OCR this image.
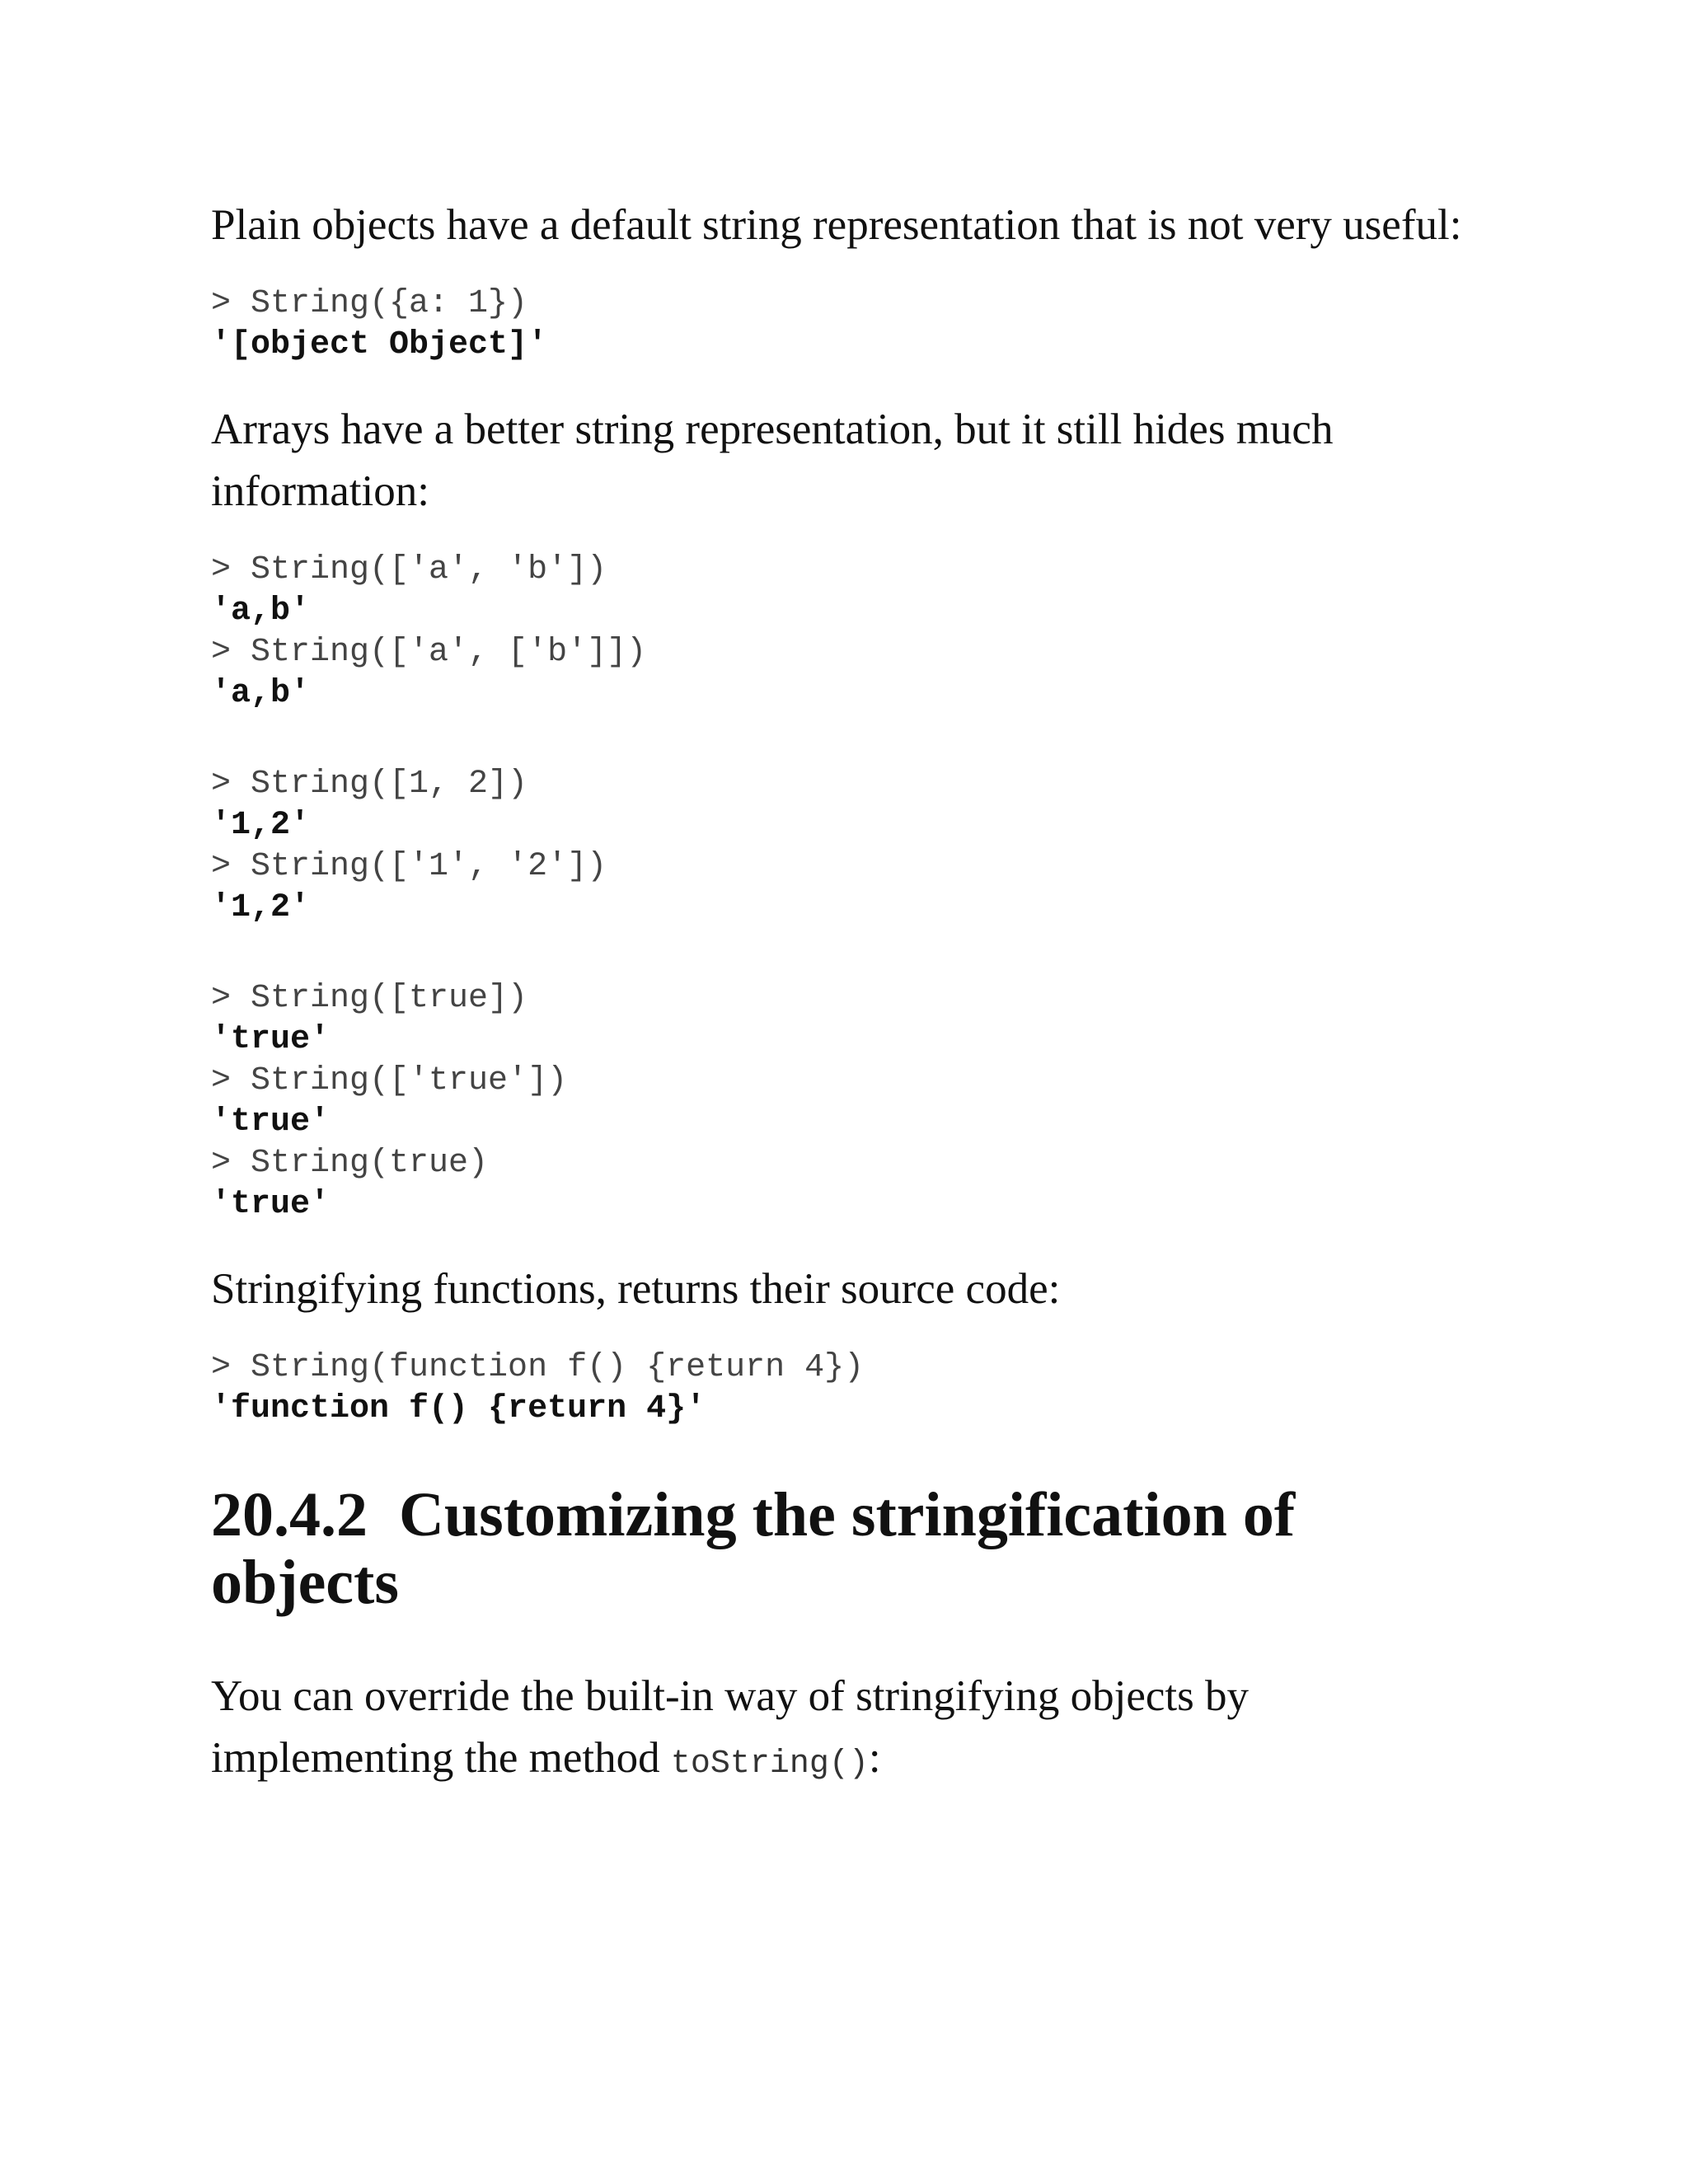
Plain objects have a default string representation that is not very useful:

> String({a: 1})
'[object Object]'

Arrays have a better string representation, but it still hides much information:

> String(['a', 'b'])
'a,b'
> String(['a', ['b']])
'a,b'
> String([1, 2])
'1,2'
> String(['1', '2'])
'1,2'
> String([true])
'true'
> String(['true'])
'true'
> String(true)
'true'

Stringifying functions, returns their source code:

> String(function f() {return 4})
'function f() {return 4}'
20.4.2 Customizing the stringification of objects

You can override the built-in way of stringifying objects by implementing the method toString():
